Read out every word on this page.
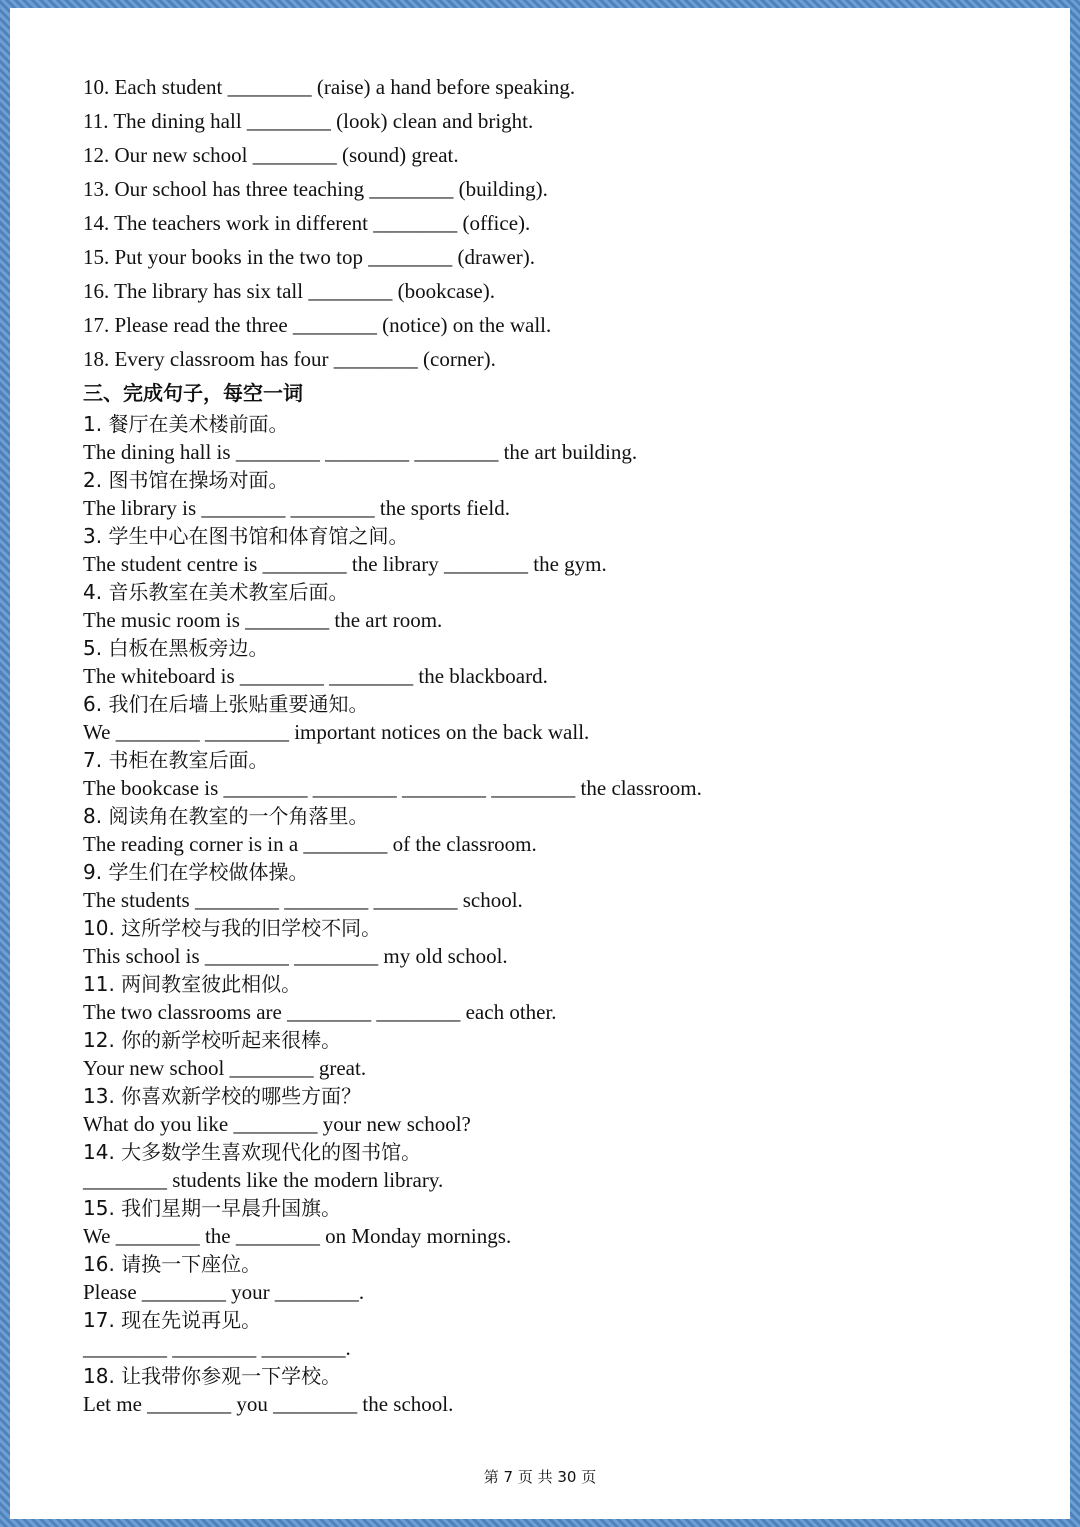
10. Each student ________ (raise) a hand before speaking.
11. The dining hall ________ (look) clean and bright.
12. Our new school ________ (sound) great.
13. Our school has three teaching ________ (building).
14. The teachers work in different ________ (office).
15. Put your books in the two top ________ (drawer).
16. The library has six tall ________ (bookcase).
17. Please read the three ________ (notice) on the wall.
18. Every classroom has four ________ (corner).
三、完成句子，每空一词
1. 餐厅在美术楼前面。
The dining hall is ________ ________ ________ the art building.
2. 图书馆在操场对面。
The library is ________ ________ the sports field.
3. 学生中心在图书馆和体育馆之间。
The student centre is ________ the library ________ the gym.
4. 音乐教室在美术教室后面。
The music room is ________ the art room.
5. 白板在黑板旁边。
The whiteboard is ________ ________ the blackboard.
6. 我们在后墙上张贴重要通知。
We ________ ________ important notices on the back wall.
7. 书柜在教室后面。
The bookcase is ________ ________ ________ ________ the classroom.
8. 阅读角在教室的一个角落里。
The reading corner is in a ________ of the classroom.
9. 学生们在学校做体操。
The students ________ ________ ________ school.
10. 这所学校与我的旧学校不同。
This school is ________ ________ my old school.
11. 两间教室彼此相似。
The two classrooms are ________ ________ each other.
12. 你的新学校听起来很棒。
Your new school ________ great.
13. 你喜欢新学校的哪些方面？
What do you like ________ your new school?
14. 大多数学生喜欢现代化的图书馆。
________ students like the modern library.
15. 我们星期一早晨升国旗。
We ________ the ________ on Monday mornings.
16. 请换一下座位。
Please ________ your ________.
17. 现在先说再见。
________ ________ ________.
18. 让我带你参观一下学校。
Let me ________ you ________ the school.
第 7 页 共 30 页
